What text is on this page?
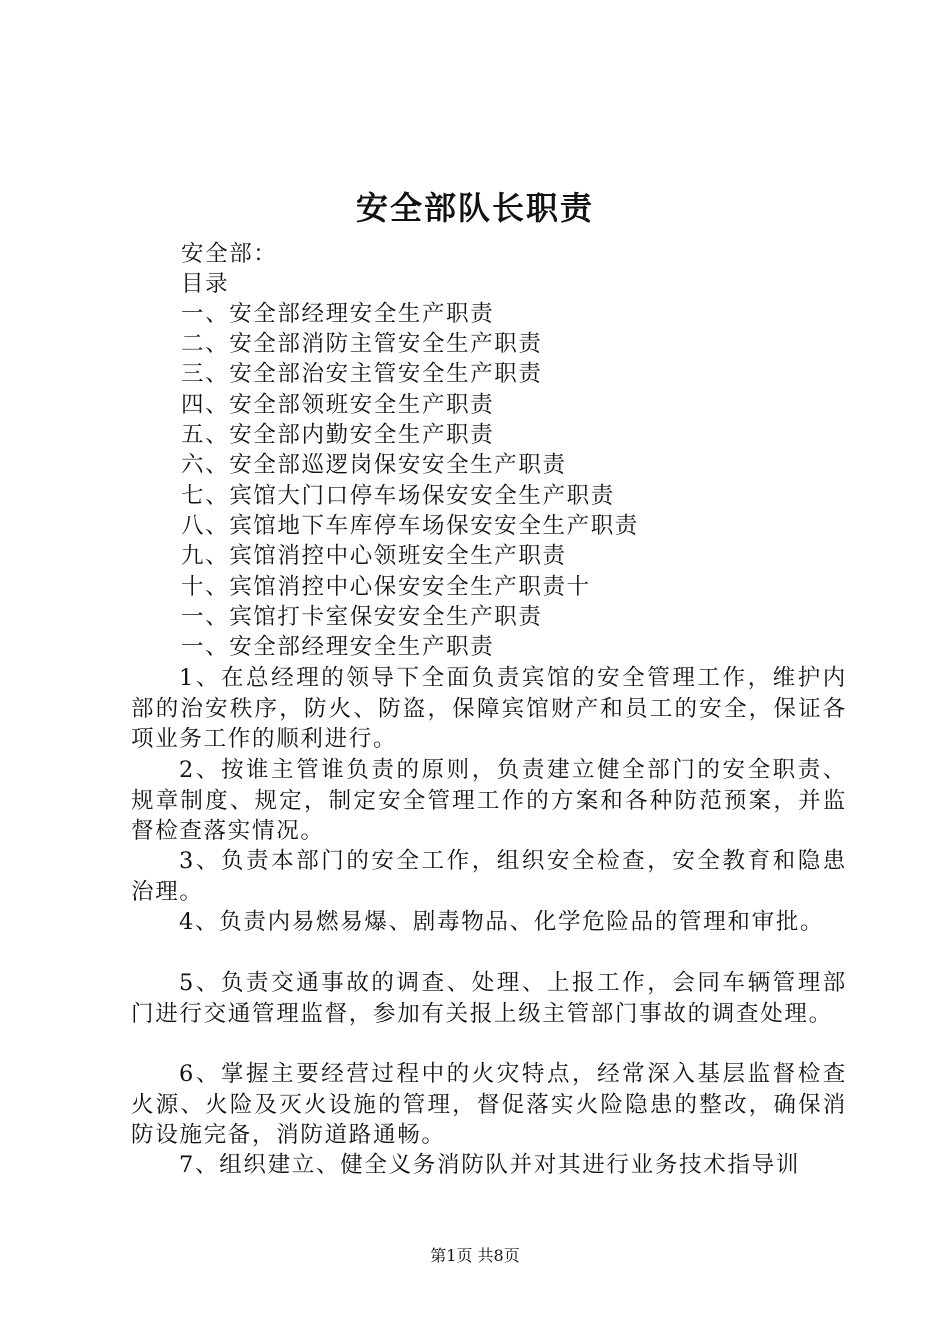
安全部队长职责
安全部：
目录
一、安全部经理安全生产职责
二、安全部消防主管安全生产职责
三、安全部治安主管安全生产职责
四、安全部领班安全生产职责
五、安全部内勤安全生产职责
六、安全部巡逻岗保安安全生产职责
七、宾馆大门口停车场保安安全生产职责
八、宾馆地下车库停车场保安安全生产职责
九、宾馆消控中心领班安全生产职责
十、宾馆消控中心保安安全生产职责十
一、宾馆打卡室保安安全生产职责
一、安全部经理安全生产职责

1、在总经理的领导下全面负责宾馆的安全管理工作，维护内部的治安秩序，防火、防盗，保障宾馆财产和员工的安全，保证各项业务工作的顺利进行。

2、按谁主管谁负责的原则，负责建立健全部门的安全职责、规章制度、规定，制定安全管理工作的方案和各种防范预案，并监督检查落实情况。

3、负责本部门的安全工作，组织安全检查，安全教育和隐患治理。

4、负责内易燃易爆、剧毒物品、化学危险品的管理和审批。

5、负责交通事故的调查、处理、上报工作，会同车辆管理部门进行交通管理监督，参加有关报上级主管部门事故的调查处理。

6、掌握主要经营过程中的火灾特点，经常深入基层监督检查火源、火险及灭火设施的管理，督促落实火险隐患的整改，确保消防设施完备，消防道路通畅。

7、组织建立、健全义务消防队并对其进行业务技术指导训

第1页 共8页
